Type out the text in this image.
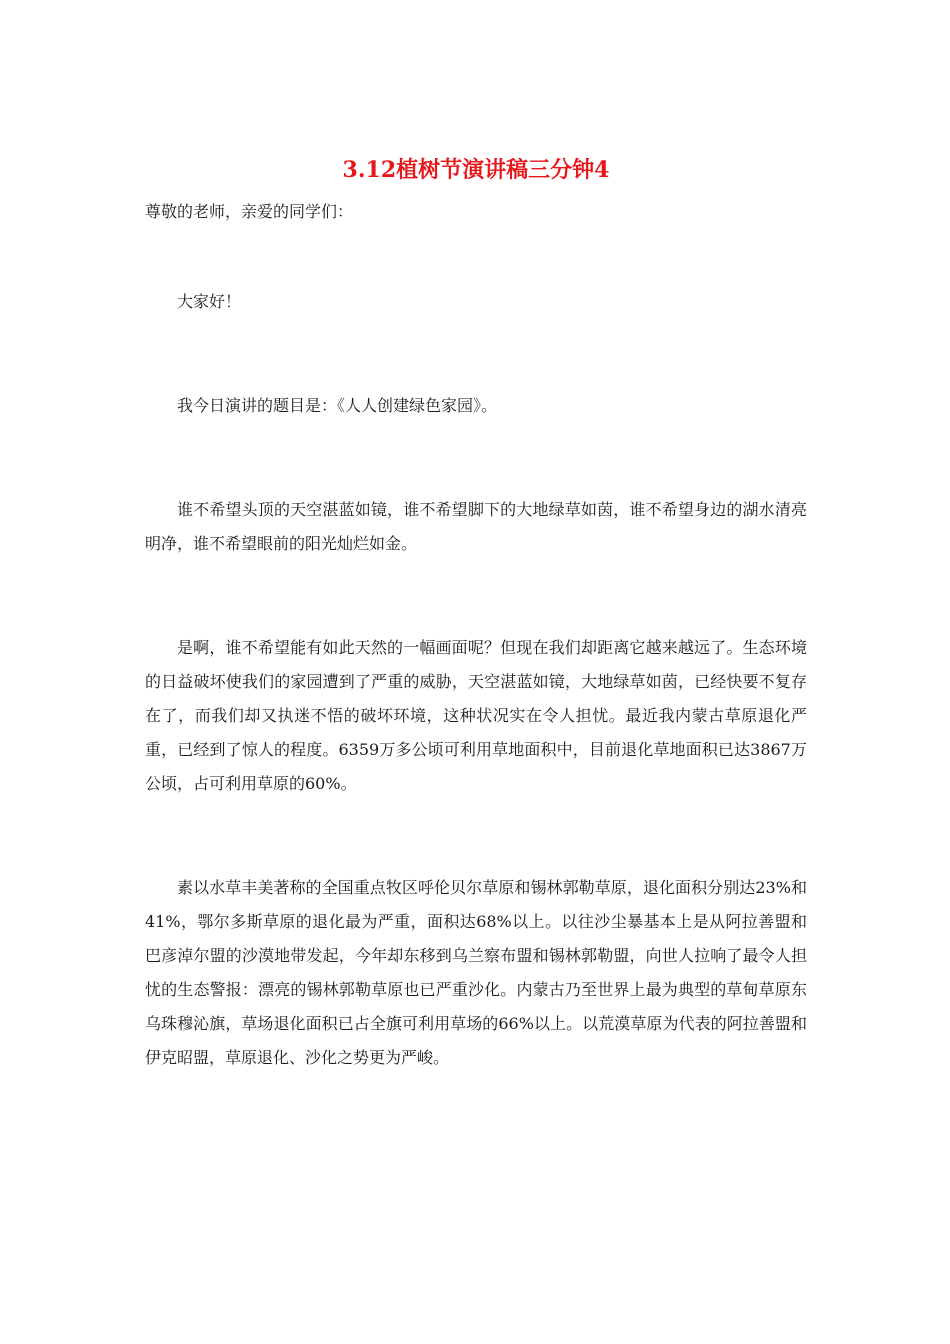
3.12植树节演讲稿三分钟4

尊敬的老师，亲爱的同学们：

大家好！

我今日演讲的题目是：《人人创建绿色家园》。

谁不希望头顶的天空湛蓝如镜，谁不希望脚下的大地绿草如茵，谁不希望身边的湖水清亮明净，谁不希望眼前的阳光灿烂如金。

是啊，谁不希望能有如此天然的一幅画面呢？但现在我们却距离它越来越远了。生态环境的日益破坏使我们的家园遭到了严重的威胁，天空湛蓝如镜，大地绿草如茵，已经快要不复存在了，而我们却又执迷不悟的破坏环境，这种状况实在令人担忧。最近我内蒙古草原退化严重，已经到了惊人的程度。6359万多公顷可利用草地面积中，目前退化草地面积已达3867万公顷，占可利用草原的60%。

素以水草丰美著称的全国重点牧区呼伦贝尔草原和锡林郭勒草原，退化面积分别达23%和41%，鄂尔多斯草原的退化最为严重，面积达68%以上。以往沙尘暴基本上是从阿拉善盟和巴彦淖尔盟的沙漠地带发起，今年却东移到乌兰察布盟和锡林郭勒盟，向世人拉响了最令人担忧的生态警报：漂亮的锡林郭勒草原也已严重沙化。内蒙古乃至世界上最为典型的草甸草原东乌珠穆沁旗，草场退化面积已占全旗可利用草场的66%以上。以荒漠草原为代表的阿拉善盟和伊克昭盟，草原退化、沙化之势更为严峻。
